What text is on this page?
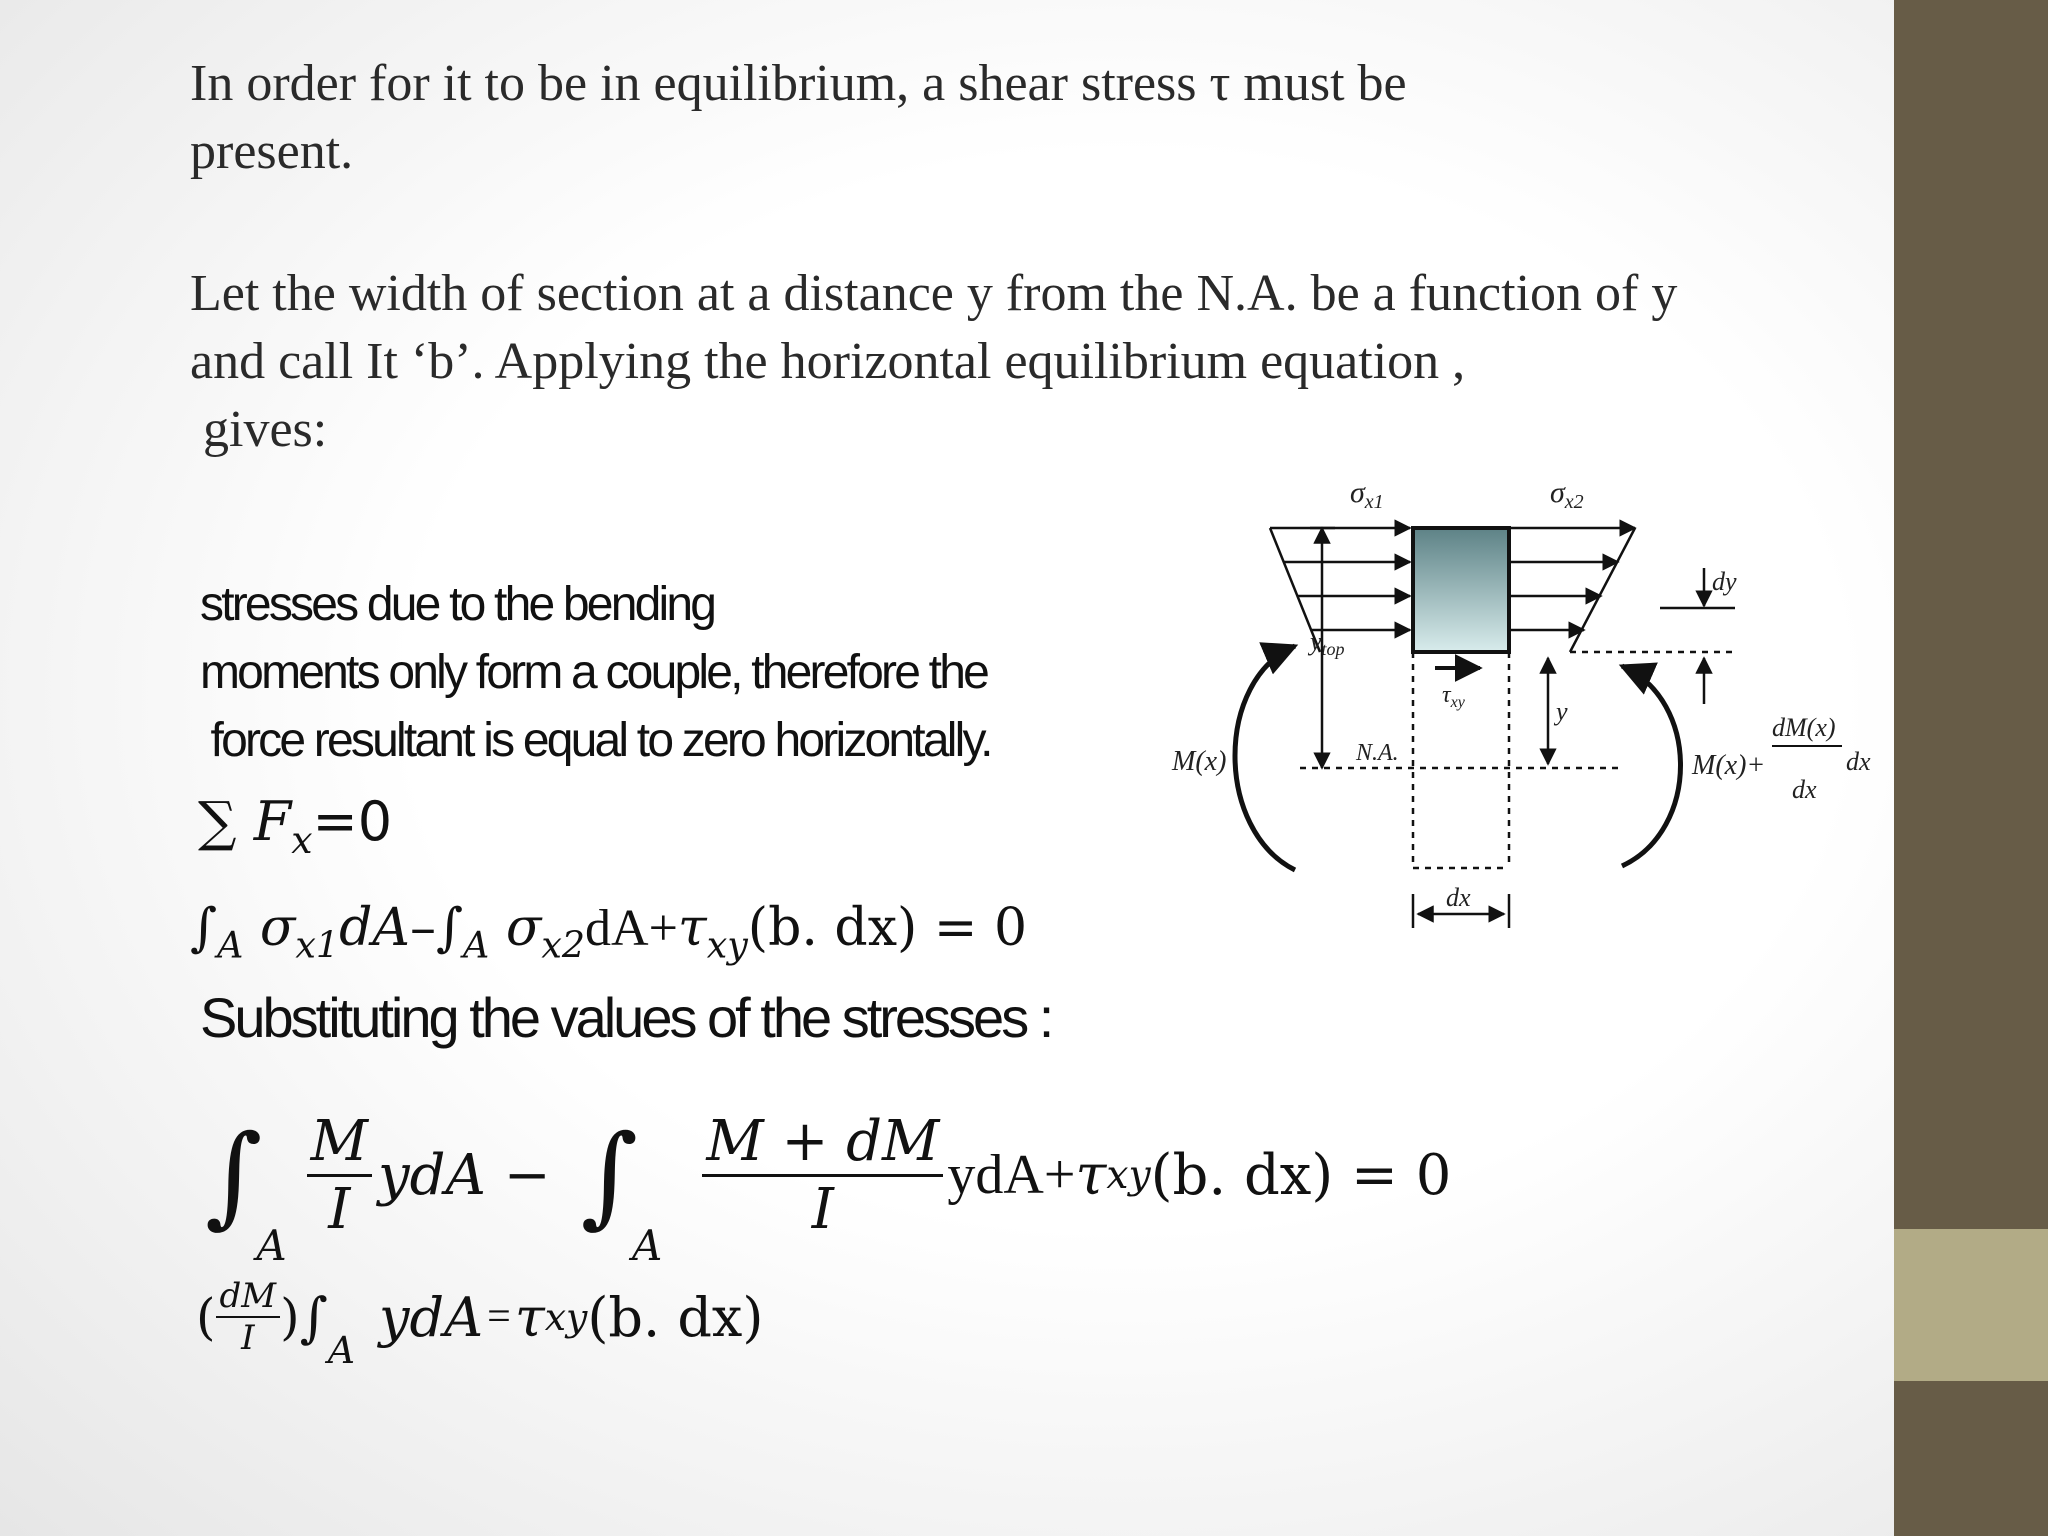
In order for it to be in equilibrium, a shear stress τ must be
present.

Let the width of section at a distance y from the N.A. be a function of y
and call It ‘b’. Applying the horizontal equilibrium equation ,
gives:

stresses due to the bending
moments only form a couple, therefore the
force resultant is equal to zero horizontally.
∑ $F_x=0$
$\int_A$ $\sigma_{x1}dA-\int_A$ $\sigma_{x2}dA+\tau_{xy}(b$. dx) = 0
Substituting the values of the stresses :
∫
A
$\frac{M}{I}$ ydA − ∫
A
$\frac{M + dM}{I} ydA+ \tau$ xy (b. dx) = 0
( $\frac{dM}{I}$ ) ∫
$_A$
ydA = τ xy (b. dx)
$\sigma_{x1}$	$\sigma_{x2}$
ytop
y
$\tau_{xy}$
N.A.
dy
dx
M(x)	M(x)+
dM(x)
dx
dx
